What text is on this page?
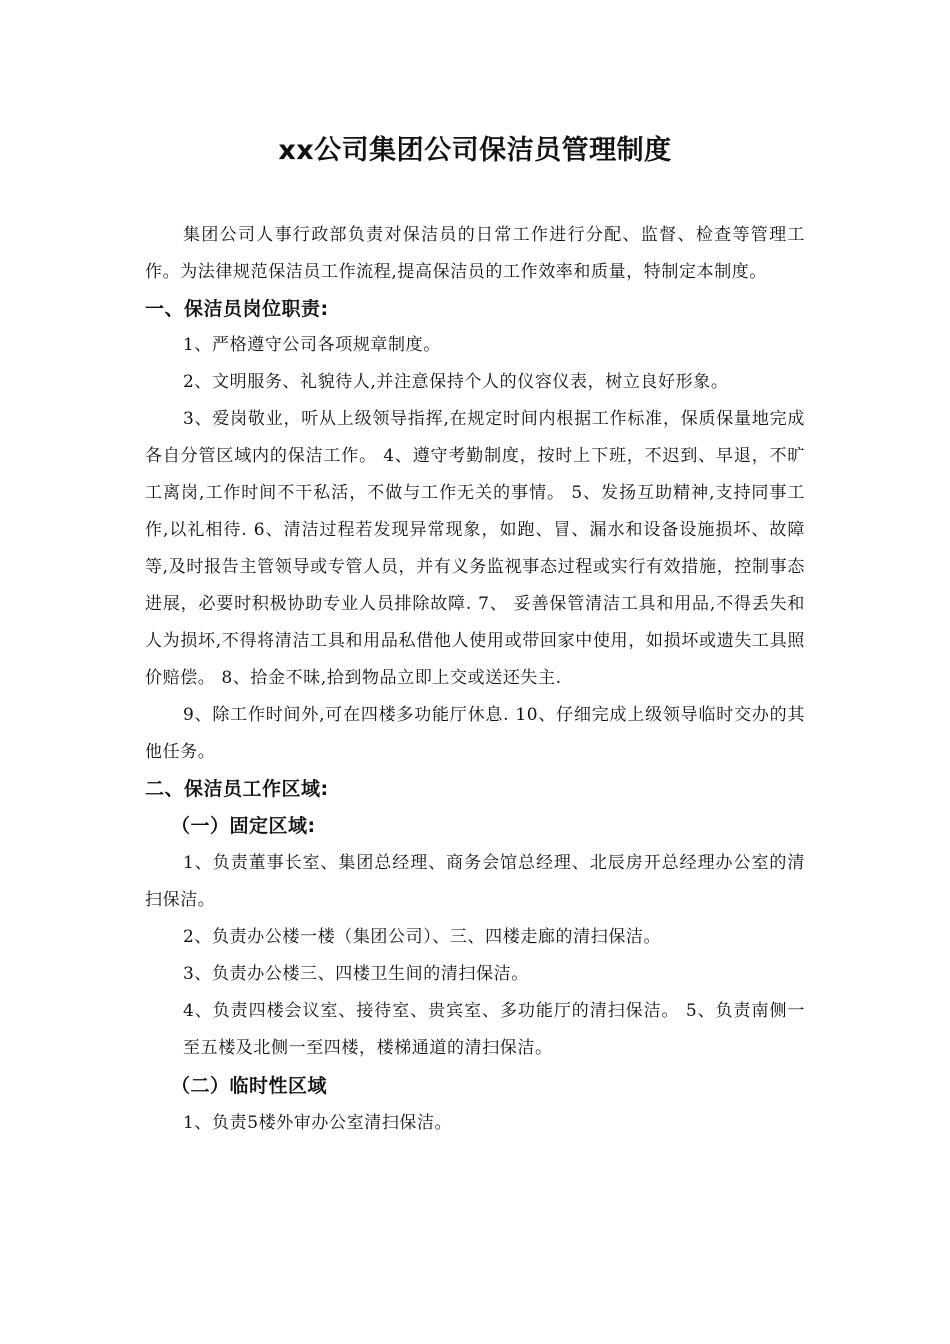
xx公司集团公司保洁员管理制度

集团公司人事行政部负责对保洁员的日常工作进行分配、监督、检查等管理工作。为法律规范保洁员工作流程,提高保洁员的工作效率和质量，特制定本制度。

一、保洁员岗位职责:

1、严格遵守公司各项规章制度。

2、文明服务、礼貌待人,并注意保持个人的仪容仪表，树立良好形象。

3、爱岗敬业，听从上级领导指挥,在规定时间内根据工作标准，保质保量地完成各自分管区域内的保洁工作。 4、遵守考勤制度，按时上下班，不迟到、早退，不旷工离岗,工作时间不干私活，不做与工作无关的事情。 5、发扬互助精神,支持同事工作,以礼相待. 6、清洁过程若发现异常现象，如跑、冒、漏水和设备设施损坏、故障等,及时报告主管领导或专管人员，并有义务监视事态过程或实行有效措施，控制事态进展，必要时积极协助专业人员排除故障. 7、 妥善保管清洁工具和用品,不得丢失和人为损坏,不得将清洁工具和用品私借他人使用或带回家中使用，如损坏或遗失工具照价赔偿。 8、拾金不昧,拾到物品立即上交或送还失主.

9、除工作时间外,可在四楼多功能厅休息. 10、仔细完成上级领导临时交办的其他任务。

二、保洁员工作区域:
（一）固定区域:

1、负责董事长室、集团总经理、商务会馆总经理、北辰房开总经理办公室的清扫保洁。

2、负责办公楼一楼（集团公司）、三、四楼走廊的清扫保洁。

3、负责办公楼三、四楼卫生间的清扫保洁。

4、负责四楼会议室、接待室、贵宾室、多功能厅的清扫保洁。 5、负责南侧一至五楼及北侧一至四楼，楼梯通道的清扫保洁。

（二）临时性区域

1、负责5楼外审办公室清扫保洁。
